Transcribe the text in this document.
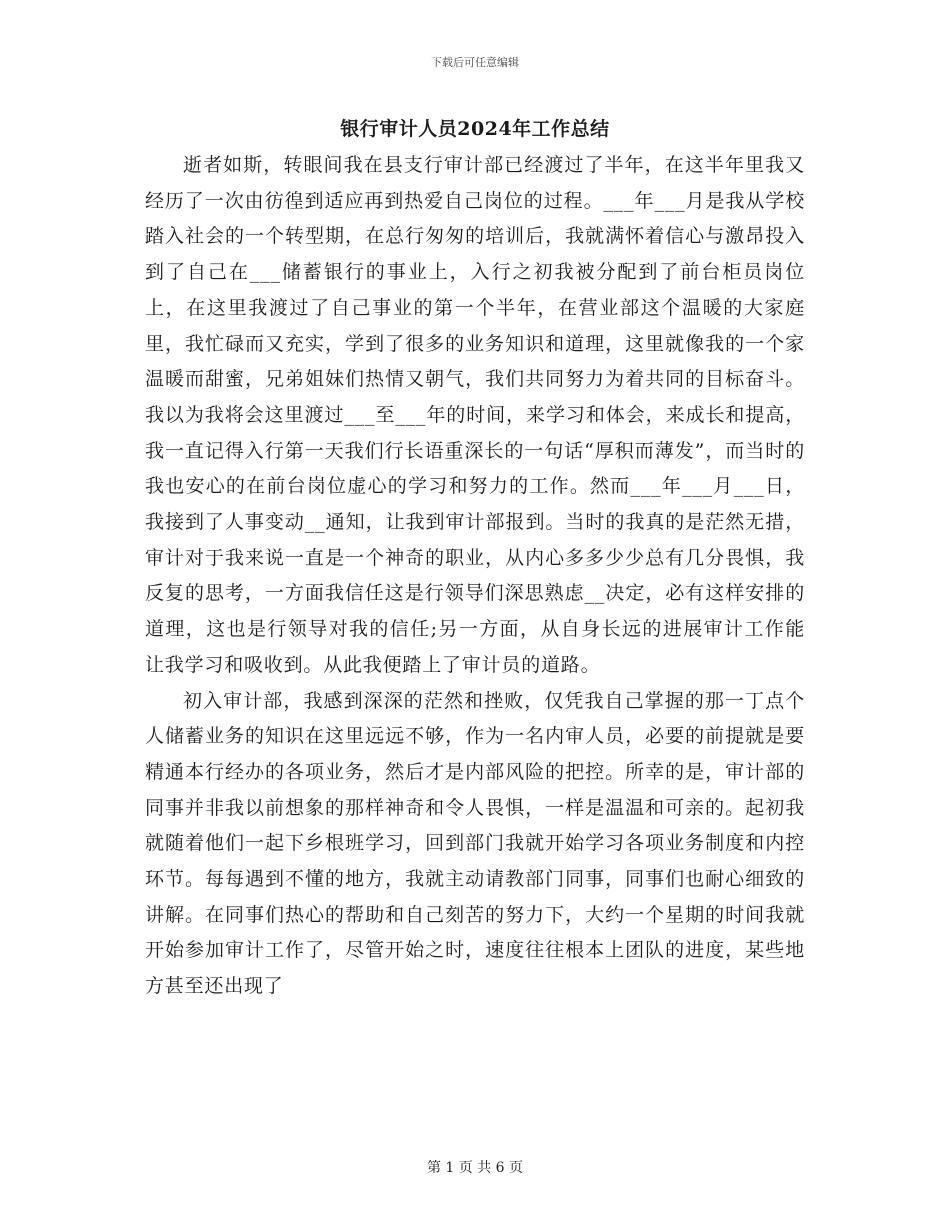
下载后可任意编辑
银行审计人员2024年工作总结

逝者如斯，转眼间我在县支行审计部已经渡过了半年，在这半年里我又经历了一次由彷徨到适应再到热爱自己岗位的过程。___年___月是我从学校踏入社会的一个转型期，在总行匆匆的培训后，我就满怀着信心与激昂投入到了自己在___储蓄银行的事业上，入行之初我被分配到了前台柜员岗位上，在这里我渡过了自己事业的第一个半年，在营业部这个温暖的大家庭里，我忙碌而又充实，学到了很多的业务知识和道理，这里就像我的一个家温暖而甜蜜，兄弟姐妹们热情又朝气，我们共同努力为着共同的目标奋斗。我以为我将会这里渡过___至___年的时间，来学习和体会，来成长和提高，我一直记得入行第一天我们行长语重深长的一句话“厚积而薄发”，而当时的我也安心的在前台岗位虚心的学习和努力的工作。然而___年___月___日，我接到了人事变动__通知，让我到审计部报到。当时的我真的是茫然无措，审计对于我来说一直是一个神奇的职业，从内心多多少少总有几分畏惧，我反复的思考，一方面我信任这是行领导们深思熟虑__决定，必有这样安排的道理，这也是行领导对我的信任;另一方面，从自身长远的进展审计工作能让我学习和吸收到。从此我便踏上了审计员的道路。

初入审计部，我感到深深的茫然和挫败，仅凭我自己掌握的那一丁点个人储蓄业务的知识在这里远远不够，作为一名内审人员，必要的前提就是要精通本行经办的各项业务，然后才是内部风险的把控。所幸的是，审计部的同事并非我以前想象的那样神奇和令人畏惧，一样是温温和可亲的。起初我就随着他们一起下乡根班学习，回到部门我就开始学习各项业务制度和内控环节。每每遇到不懂的地方，我就主动请教部门同事，同事们也耐心细致的讲解。在同事们热心的帮助和自己刻苦的努力下，大约一个星期的时间我就开始参加审计工作了，尽管开始之时，速度往往根本上团队的进度，某些地方甚至还出现了

第 1 页 共 6 页
